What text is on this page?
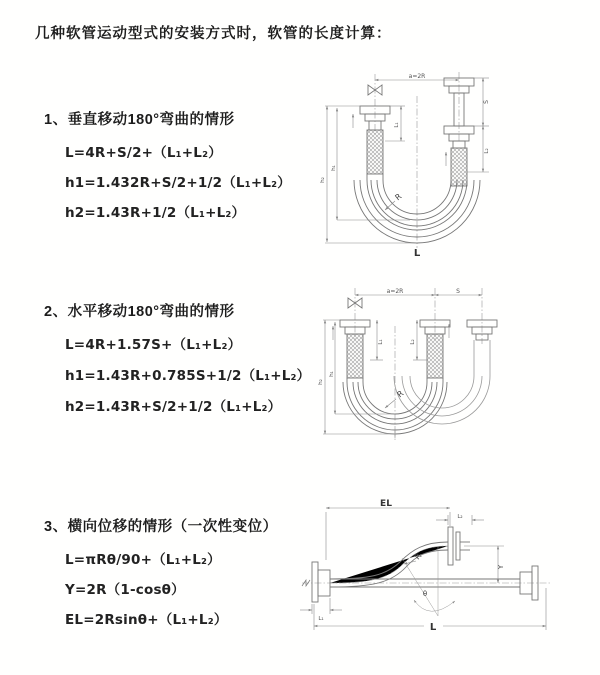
几种软管运动型式的安装方式时，软管的长度计算：
1、垂直移动180°弯曲的情形
L=4R+S/2+（L₁+L₂）
h1=1.432R+S/2+1/2（L₁+L₂）
h2=1.43R+1/2（L₁+L₂）
2、水平移动180°弯曲的情形
L=4R+1.57S+（L₁+L₂）
h1=1.43R+0.785S+1/2（L₁+L₂）
h2=1.43R+S/2+1/2（L₁+L₂）
3、横向位移的情形（一次性变位）
L=πRθ/90+（L₁+L₂）
Y=2R（1-cosθ）
EL=2Rsinθ+（L₁+L₂）
a=2R
h₂
h₁
S
L₂
L₁
R
L
a=2R	S
h₂
h₁
L₁	L₂
R
EL
L₂
Y
R
θ
L₁
L
